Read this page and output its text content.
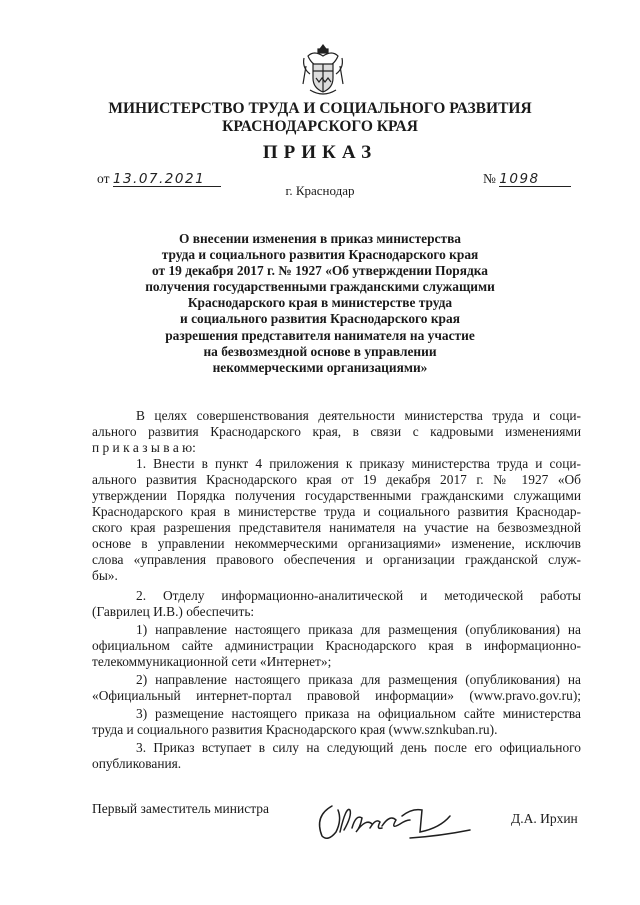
МИНИСТЕРСТВО ТРУДА И СОЦИАЛЬНОГО РАЗВИТИЯ
КРАСНОДАРСКОГО КРАЯ
ПРИКАЗ
от 13.07.2021	№ 1098
г. Краснодар
О внесении изменения в приказ министерства
труда и социального развития Краснодарского края
от 19 декабря 2017 г. № 1927 «Об утверждении Порядка
получения государственными гражданскими служащими
Краснодарского края в министерстве труда
и социального развития Краснодарского края
разрешения представителя нанимателя на участие
на безвозмездной основе в управлении
некоммерческими организациями»
В целях совершенствования деятельности министерства труда и соци-
ального развития Краснодарского края, в связи с кадровыми изменениями
п р и к а з ы в а ю:
1. Внести в пункт 4 приложения к приказу министерства труда и соци-
ального развития Краснодарского края от 19 декабря 2017 г. № 1927 «Об
утверждении Порядка получения государственными гражданскими служащими
Краснодарского края в министерстве труда и социального развития Краснодар-
ского края разрешения представителя нанимателя на участие на безвозмездной
основе в управлении некоммерческими организациями» изменение, исключив
слова «управления правового обеспечения и организации гражданской служ-
бы».
2. Отделу информационно-аналитической и методической работы
(Гаврилец И.В.) обеспечить:
1) направление настоящего приказа для размещения (опубликования) на
официальном сайте администрации Краснодарского края в информационно-
телекоммуникационной сети «Интернет»;
2) направление настоящего приказа для размещения (опубликования) на
«Официальный интернет-портал правовой информации» (www.pravo.gov.ru);
3) размещение настоящего приказа на официальном сайте министерства
труда и социального развития Краснодарского края (www.sznkuban.ru).
3. Приказ вступает в силу на следующий день после его официального
опубликования.
Первый заместитель министра
Д.А. Ирхин
